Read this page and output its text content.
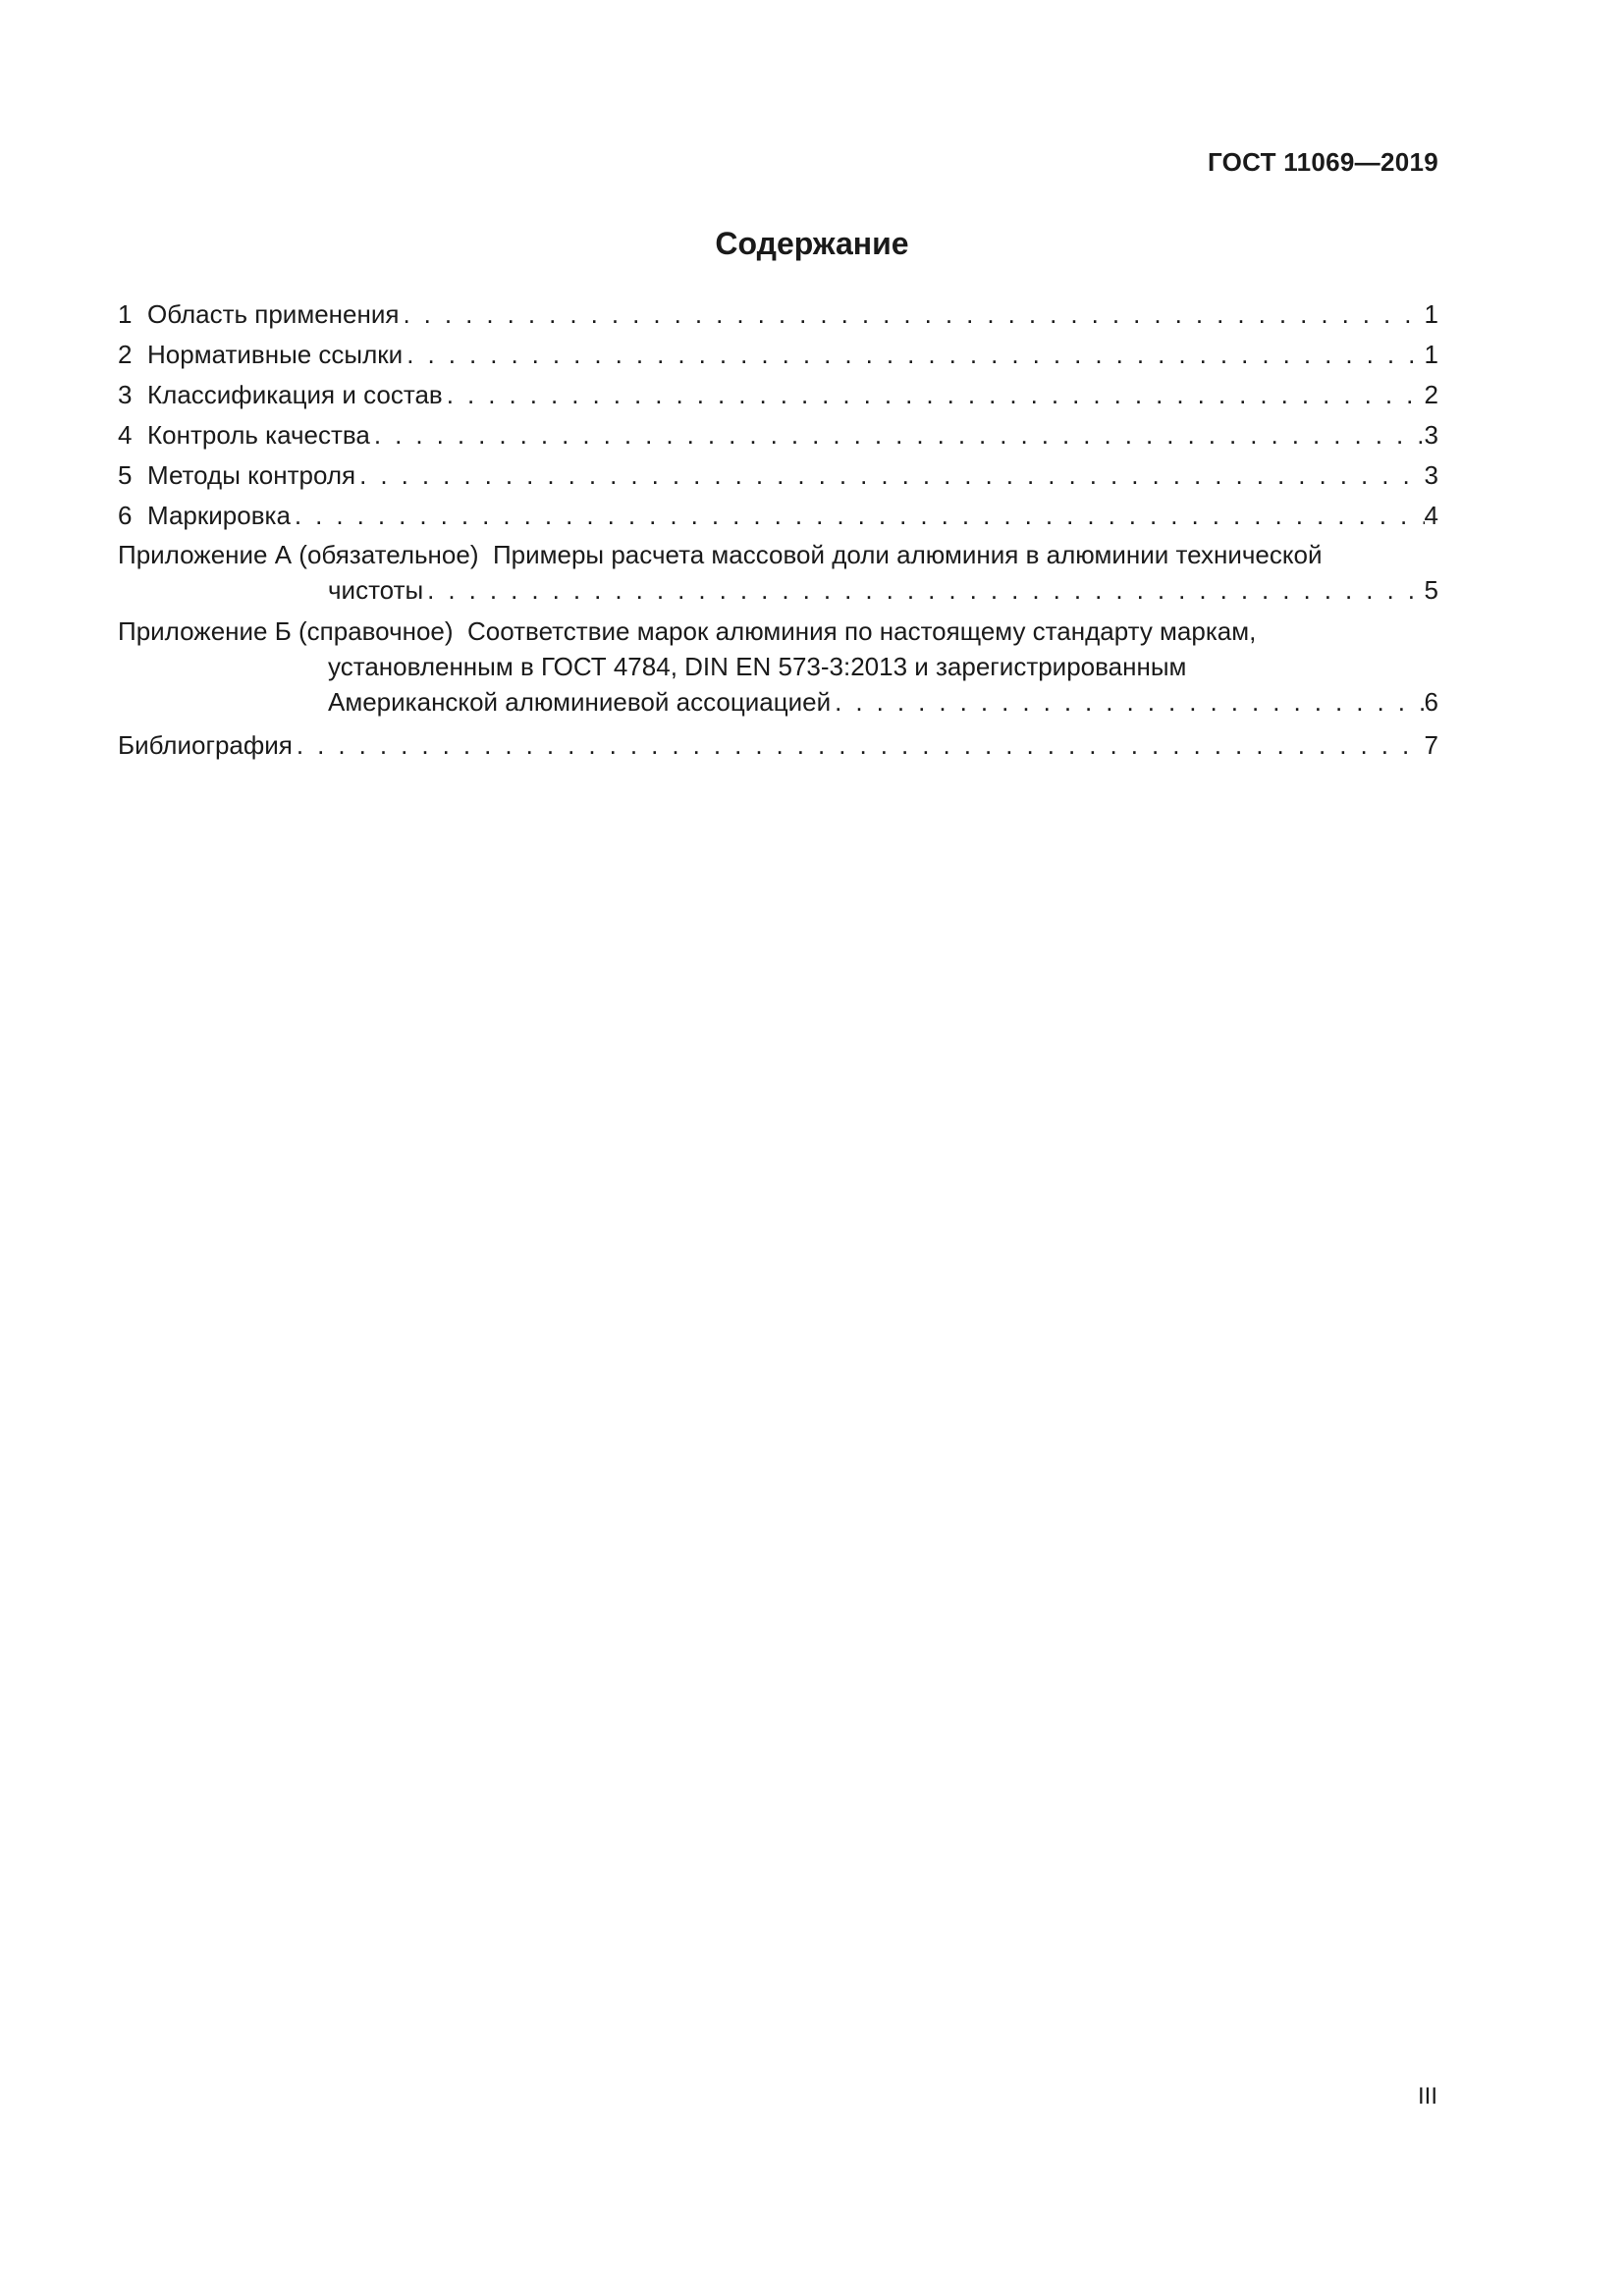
ГОСТ 11069—2019
Содержание
1 Область применения . . .	1
2 Нормативные ссылки . . .	1
3 Классификация и состав . . .	2
4 Контроль качества . . .	3
5 Методы контроля . . .	3
6 Маркировка . . .	4
Приложение А (обязательное) Примеры расчета массовой доли алюминия в алюминии технической
чистоты . . .	5
Приложение Б (справочное) Соответствие марок алюминия по настоящему стандарту маркам,
установленным в ГОСТ 4784, DIN EN 573-3:2013 и зарегистрированным
Американской алюминиевой ассоциацией . . .	6
Библиография . . .	7
III
